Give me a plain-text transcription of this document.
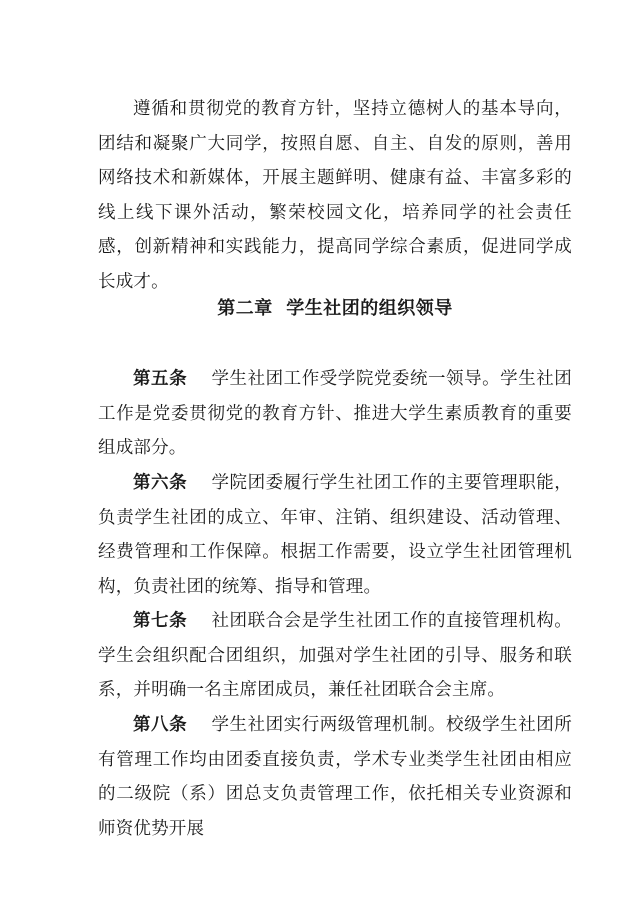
遵循和贯彻党的教育方针，坚持立德树人的基本导向，团结和凝聚广大同学，按照自愿、自主、自发的原则，善用网络技术和新媒体，开展主题鲜明、健康有益、丰富多彩的线上线下课外活动，繁荣校园文化，培养同学的社会责任感，创新精神和实践能力，提高同学综合素质，促进同学成长成才。

第二章 学生社团的组织领导

第五条 学生社团工作受学院党委统一领导。学生社团工作是党委贯彻党的教育方针、推进大学生素质教育的重要组成部分。

第六条 学院团委履行学生社团工作的主要管理职能，负责学生社团的成立、年审、注销、组织建设、活动管理、经费管理和工作保障。根据工作需要，设立学生社团管理机构，负责社团的统筹、指导和管理。

第七条 社团联合会是学生社团工作的直接管理机构。学生会组织配合团组织，加强对学生社团的引导、服务和联系，并明确一名主席团成员，兼任社团联合会主席。

第八条 学生社团实行两级管理机制。校级学生社团所有管理工作均由团委直接负责，学术专业类学生社团由相应的二级院（系）团总支负责管理工作，依托相关专业资源和师资优势开展
